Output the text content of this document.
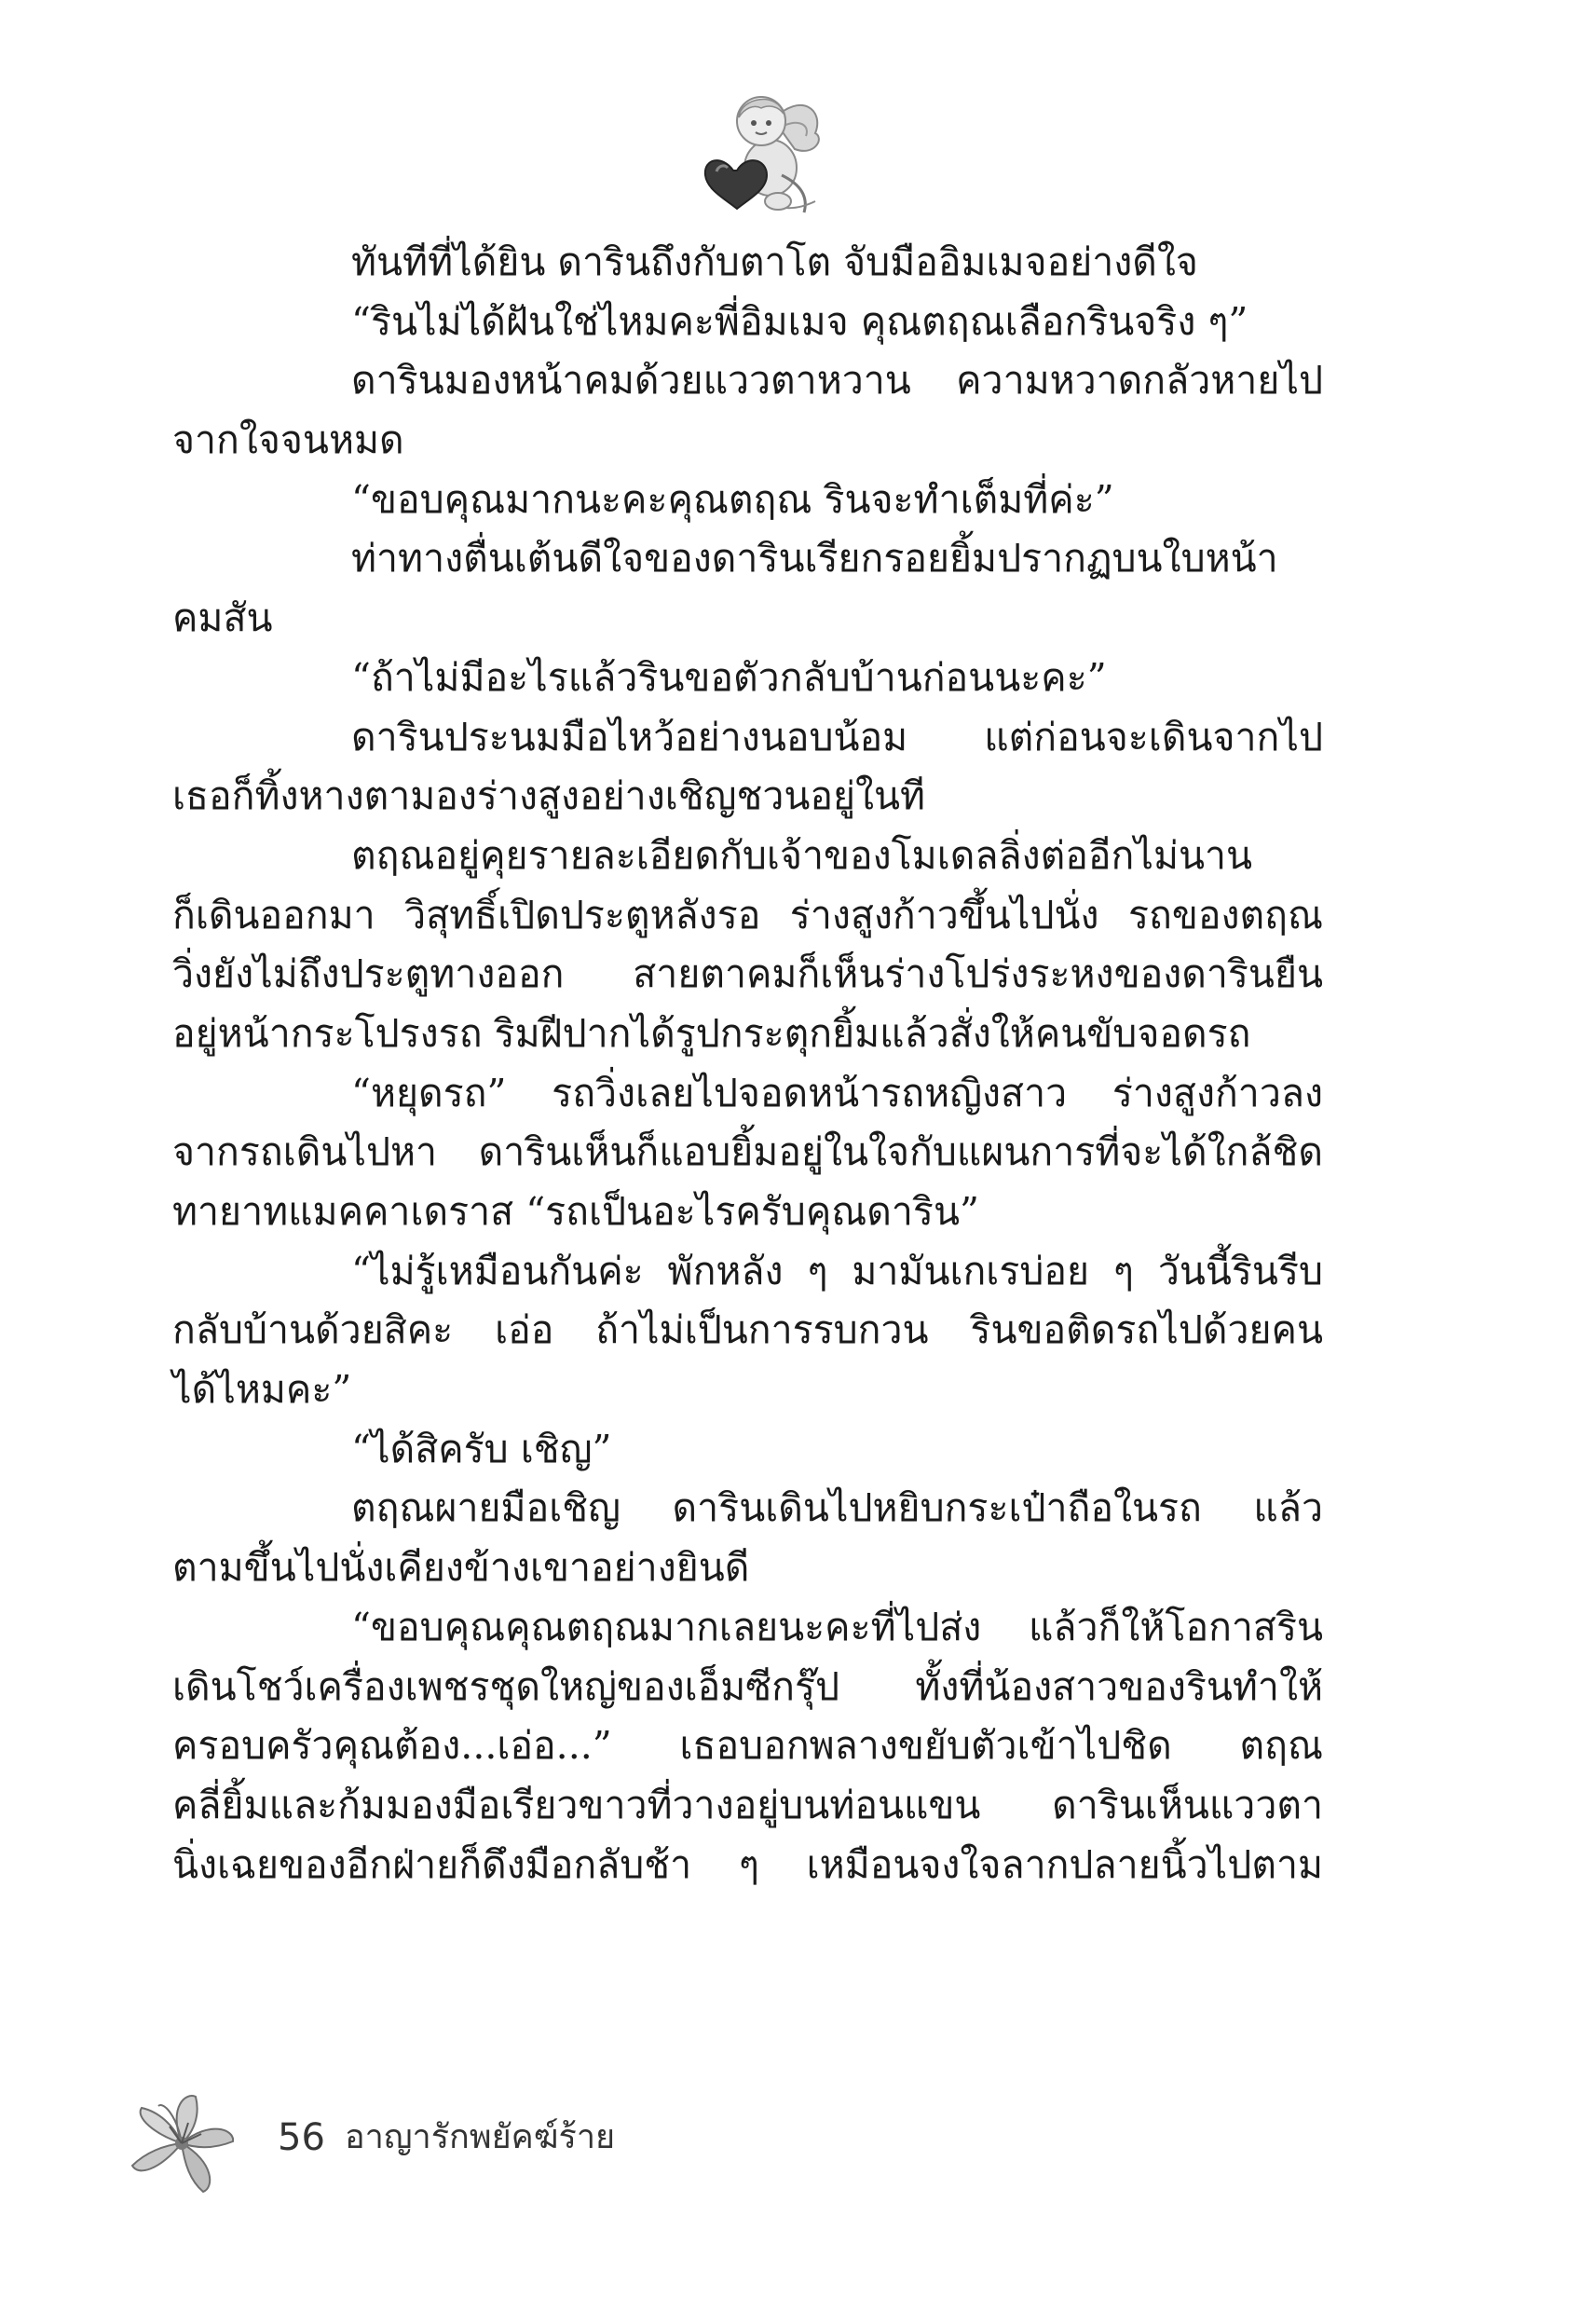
ทันทีที่ได้ยิน ดารินถึงกับตาโต จับมืออิมเมจอย่างดีใจ
“รินไม่ได้ฝันใช่ไหมคะพี่อิมเมจ คุณตฤณเลือกรินจริง ๆ”
ดารินมองหน้าคมด้วยแววตาหวาน ความหวาดกลัวหายไป
จากใจจนหมด
“ขอบคุณมากนะคะคุณตฤณ รินจะทำเต็มที่ค่ะ”
ท่าทางตื่นเต้นดีใจของดารินเรียกรอยยิ้มปรากฏบนใบหน้า
คมสัน
“ถ้าไม่มีอะไรแล้วรินขอตัวกลับบ้านก่อนนะคะ”
ดารินประนมมือไหว้อย่างนอบน้อม แต่ก่อนจะเดินจากไป
เธอก็ทิ้งหางตามองร่างสูงอย่างเชิญชวนอยู่ในที
ตฤณอยู่คุยรายละเอียดกับเจ้าของโมเดลลิ่งต่ออีกไม่นาน
ก็เดินออกมา วิสุทธิ์เปิดประตูหลังรอ ร่างสูงก้าวขึ้นไปนั่ง รถของตฤณ
วิ่งยังไม่ถึงประตูทางออก สายตาคมก็เห็นร่างโปร่งระหงของดารินยืน
อยู่หน้ากระโปรงรถ ริมฝีปากได้รูปกระตุกยิ้มแล้วสั่งให้คนขับจอดรถ
“หยุดรถ” รถวิ่งเลยไปจอดหน้ารถหญิงสาว ร่างสูงก้าวลง
จากรถเดินไปหา ดารินเห็นก็แอบยิ้มอยู่ในใจกับแผนการที่จะได้ใกล้ชิด
ทายาทแมคคาเดราส “รถเป็นอะไรครับคุณดาริน”
“ไม่รู้เหมือนกันค่ะ พักหลัง ๆ มามันเกเรบ่อย ๆ วันนี้รินรีบ
กลับบ้านด้วยสิคะ เอ่อ ถ้าไม่เป็นการรบกวน รินขอติดรถไปด้วยคน
ได้ไหมคะ”
“ได้สิครับ เชิญ”
ตฤณผายมือเชิญ ดารินเดินไปหยิบกระเป๋าถือในรถ แล้ว
ตามขึ้นไปนั่งเคียงข้างเขาอย่างยินดี
“ขอบคุณคุณตฤณมากเลยนะคะที่ไปส่ง แล้วก็ให้โอกาสริน
เดินโชว์เครื่องเพชรชุดใหญ่ของเอ็มซีกรุ๊ป ทั้งที่น้องสาวของรินทำให้
ครอบครัวคุณต้อง...เอ่อ...” เธอบอกพลางขยับตัวเข้าไปชิด ตฤณ
คลี่ยิ้มและก้มมองมือเรียวขาวที่วางอยู่บนท่อนแขน ดารินเห็นแววตา
นิ่งเฉยของอีกฝ่ายก็ดึงมือกลับช้า ๆ เหมือนจงใจลากปลายนิ้วไปตาม
56 อาญารักพยัคฆ์ร้าย
